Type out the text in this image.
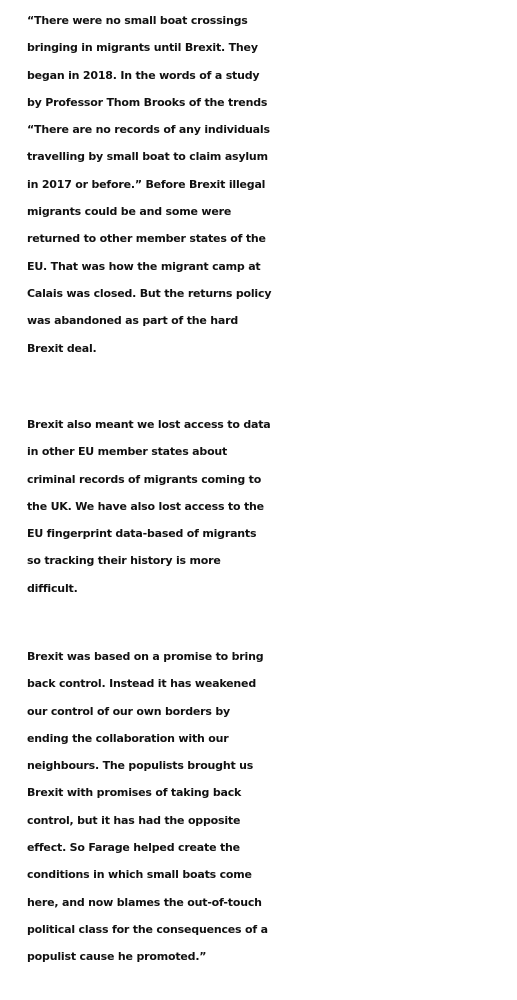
“There were no small boat crossings
bringing in migrants until Brexit. They
began in 2018. In the words of a study
by Professor Thom Brooks of the trends
“There are no records of any individuals
travelling by small boat to claim asylum
in 2017 or before.” Before Brexit illegal
migrants could be and some were
returned to other member states of the
EU. That was how the migrant camp at
Calais was closed. But the returns policy
was abandoned as part of the hard
Brexit deal.
Brexit also meant we lost access to data
in other EU member states about
criminal records of migrants coming to
the UK. We have also lost access to the
EU fingerprint data-based of migrants
so tracking their history is more
difficult.
Brexit was based on a promise to bring
back control. Instead it has weakened
our control of our own borders by
ending the collaboration with our
neighbours. The populists brought us
Brexit with promises of taking back
control, but it has had the opposite
effect. So Farage helped create the
conditions in which small boats come
here, and now blames the out-of-touch
political class for the consequences of a
populist cause he promoted.”
